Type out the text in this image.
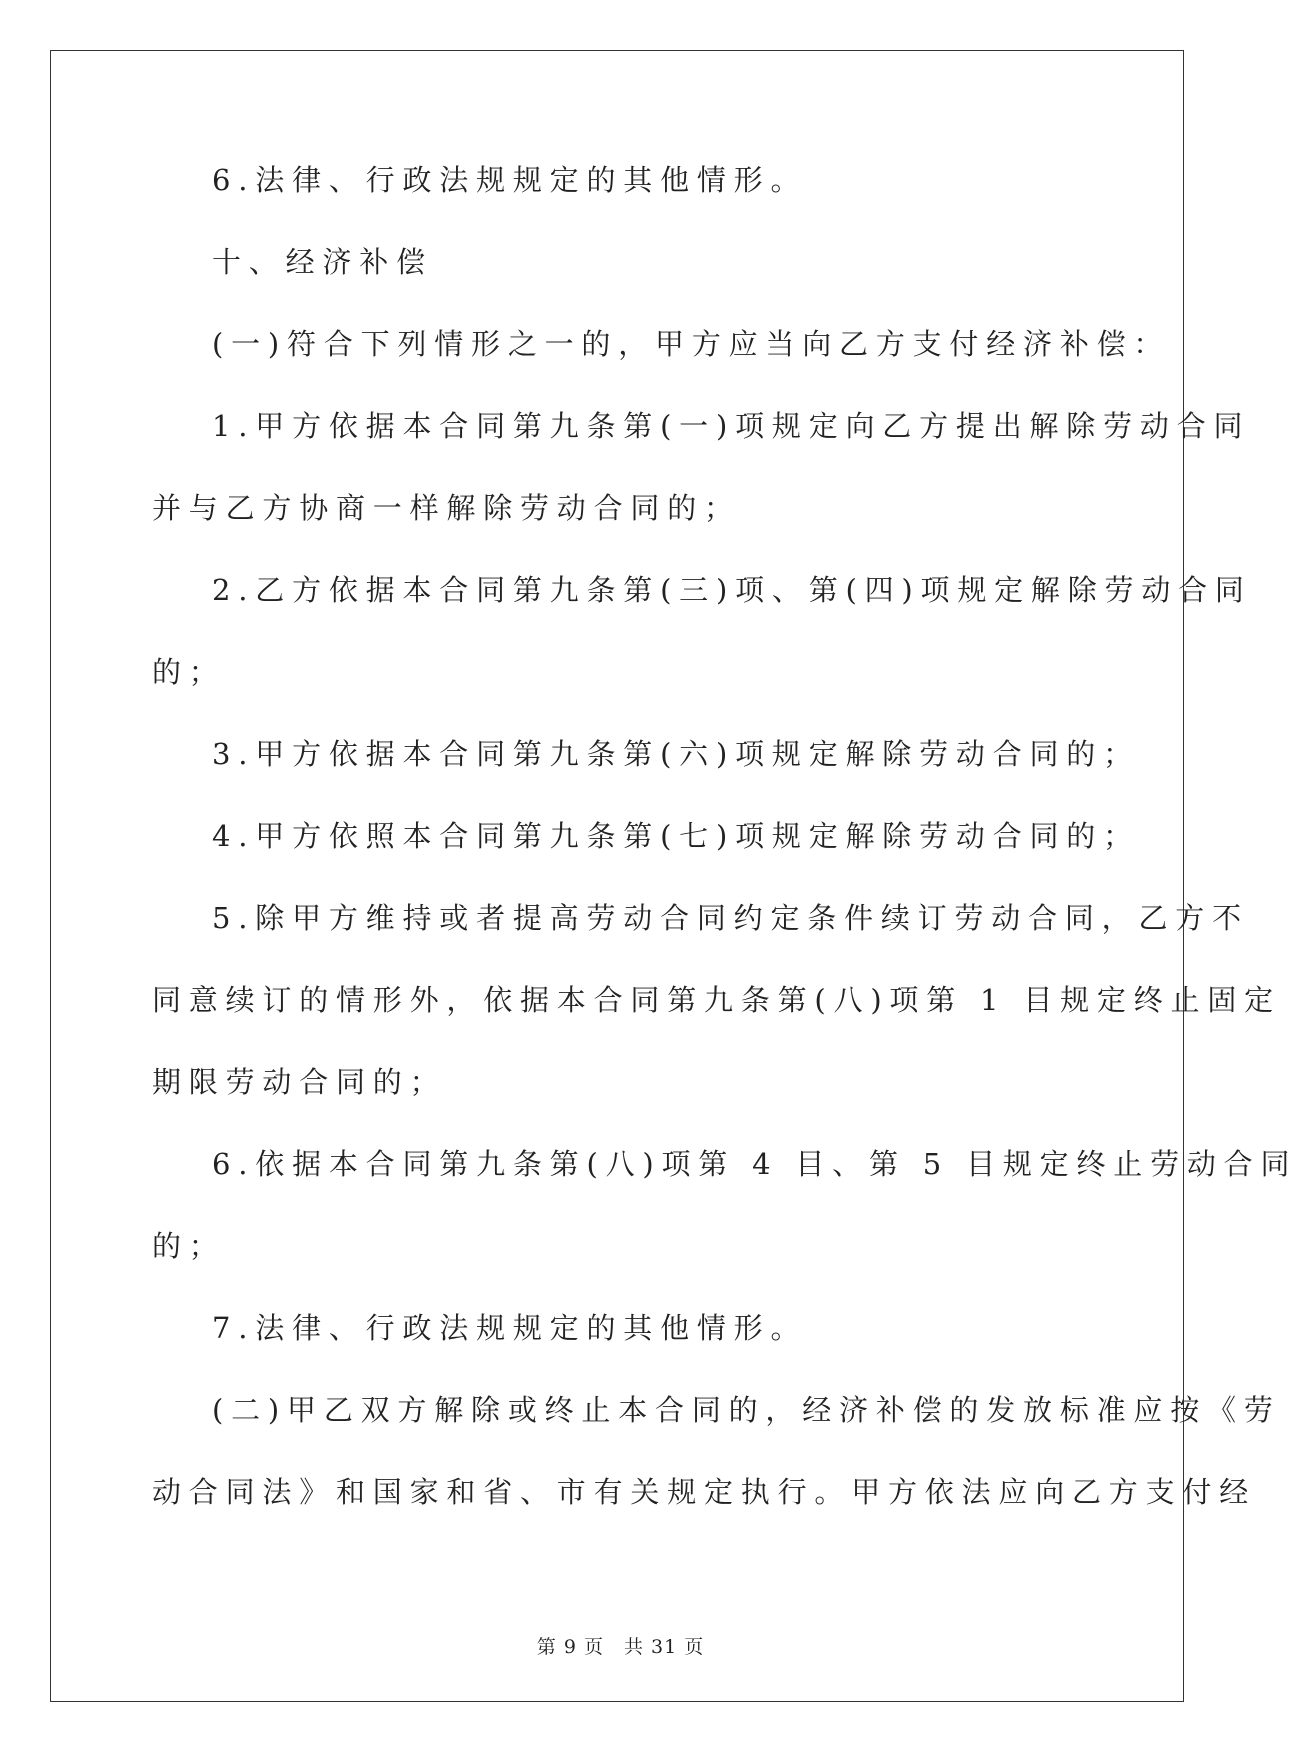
6.法律、行政法规规定的其他情形。

十、经济补偿

(一)符合下列情形之一的，甲方应当向乙方支付经济补偿：

1.甲方依据本合同第九条第(一)项规定向乙方提出解除劳动合同
并与乙方协商一样解除劳动合同的；

2.乙方依据本合同第九条第(三)项、第(四)项规定解除劳动合同
的；

3.甲方依据本合同第九条第(六)项规定解除劳动合同的；

4.甲方依照本合同第九条第(七)项规定解除劳动合同的；

5.除甲方维持或者提高劳动合同约定条件续订劳动合同，乙方不
同意续订的情形外，依据本合同第九条第(八)项第 1 目规定终止固定
期限劳动合同的；

6.依据本合同第九条第(八)项第 4 目、第 5 目规定终止劳动合同
的；

7.法律、行政法规规定的其他情形。

(二)甲乙双方解除或终止本合同的，经济补偿的发放标准应按《劳
动合同法》和国家和省、市有关规定执行。甲方依法应向乙方支付经

第 9 页　共 31 页
